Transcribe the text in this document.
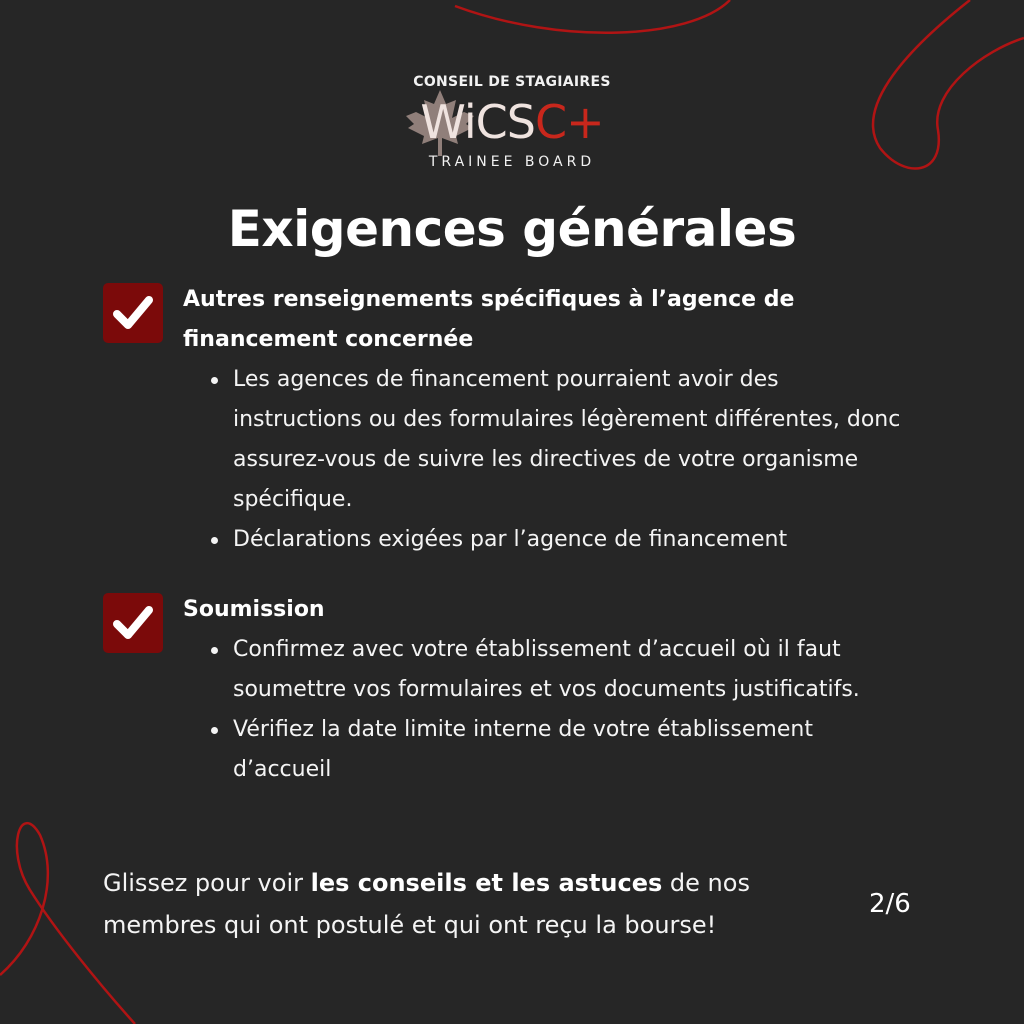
CONSEIL DE STAGIAIRES
WiCSC+
TRAINEE BOARD
Exigences générales
Autres renseignements spécifiques à l’agence de
financement concernée
Les agences de financement pourraient avoir des instructions ou des formulaires légèrement différentes, donc assurez-vous de suivre les directives de votre organisme spécifique.
Déclarations exigées par l’agence de financement
Soumission
Confirmez avec votre établissement d’accueil où il faut soumettre vos formulaires et vos documents justificatifs.
Vérifiez la date limite interne de votre établissement d’accueil
Glissez pour voir les conseils et les astuces de nos membres qui ont postulé et qui ont reçu la bourse!
2/6
